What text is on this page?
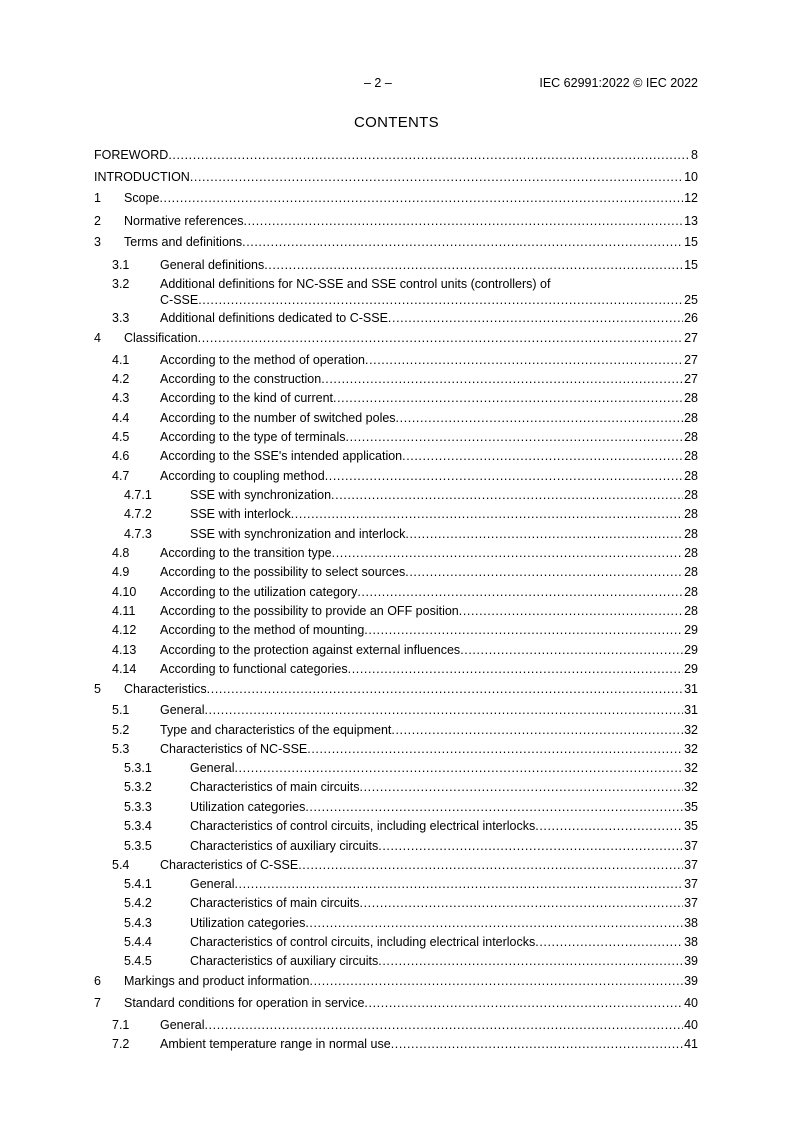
– 2 –	IEC 62991:2022 © IEC 2022
CONTENTS
FOREWORD .....	8
INTRODUCTION .....	10
1 Scope .....	12
2 Normative references .....	13
3 Terms and definitions .....	15
3.1 General definitions .....	15
3.2 Additional definitions for NC-SSE and SSE control units (controllers) of
C-SSE .....	25
3.3 Additional definitions dedicated to C-SSE .....	26
4 Classification .....	27
4.1 According to the method of operation .....	27
4.2 According to the construction .....	27
4.3 According to the kind of current .....	28
4.4 According to the number of switched poles .....	28
4.5 According to the type of terminals .....	28
4.6 According to the SSE's intended application .....	28
4.7 According to coupling method .....	28
4.7.1	SSE with synchronization .....	28
4.7.2	SSE with interlock .....	28
4.7.3	SSE with synchronization and interlock .....	28
4.8 According to the transition type .....	28
4.9 According to the possibility to select sources .....	28
4.10 According to the utilization category .....	28
4.11 According to the possibility to provide an OFF position .....	28
4.12 According to the method of mounting .....	29
4.13 According to the protection against external influences .....	29
4.14 According to functional categories .....	29
5 Characteristics .....	31
5.1 General .....	31
5.2 Type and characteristics of the equipment .....	32
5.3 Characteristics of NC-SSE .....	32
5.3.1	General .....	32
5.3.2	Characteristics of main circuits .....	32
5.3.3	Utilization categories .....	35
5.3.4	Characteristics of control circuits, including electrical interlocks .....	35
5.3.5	Characteristics of auxiliary circuits .....	37
5.4 Characteristics of C-SSE .....	37
5.4.1	General .....	37
5.4.2	Characteristics of main circuits .....	37
5.4.3	Utilization categories .....	38
5.4.4	Characteristics of control circuits, including electrical interlocks .....	38
5.4.5	Characteristics of auxiliary circuits .....	39
6 Markings and product information .....	39
7 Standard conditions for operation in service .....	40
7.1 General .....	40
7.2 Ambient temperature range in normal use .....	41
